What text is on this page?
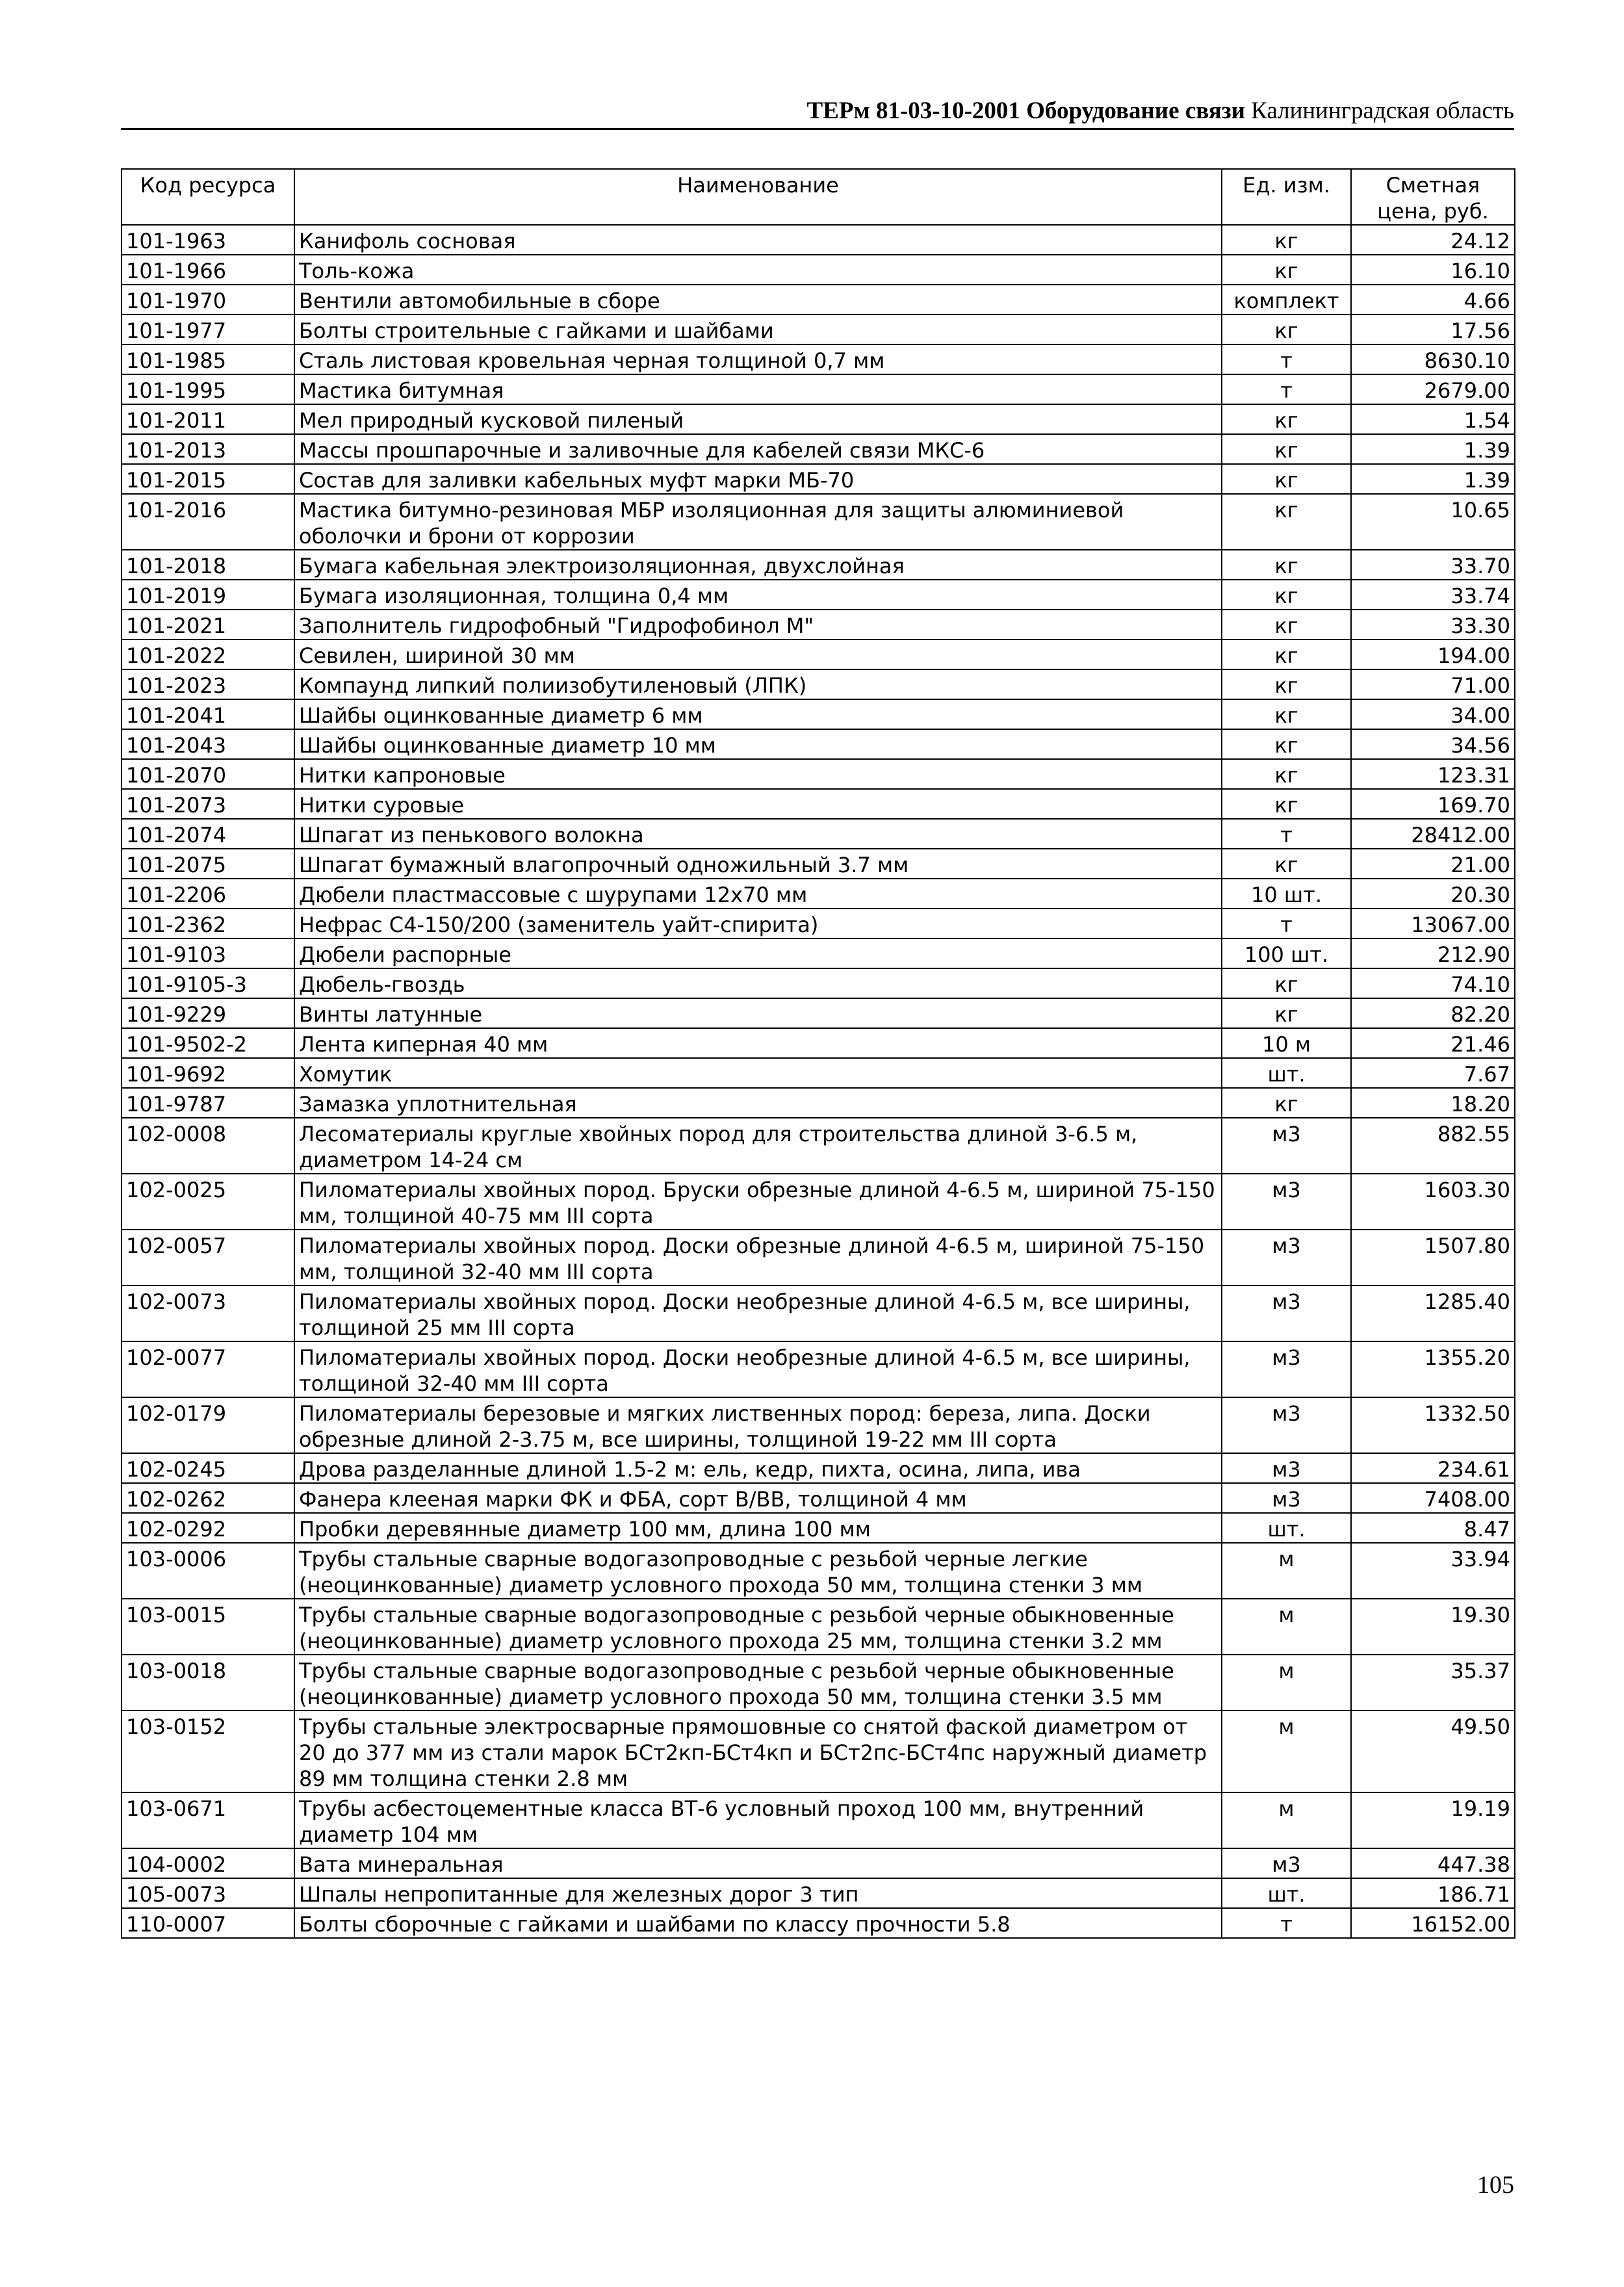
ТЕРм 81-03-10-2001 Оборудование связи Калининградская область
Код ресурса	Наименование	Ед. изм.	Сметная цена, руб.
101-1963	Канифоль сосновая	кг	24.12
101-1966	Толь-кожа	кг	16.10
101-1970	Вентили автомобильные в сборе	комплект	4.66
101-1977	Болты строительные с гайками и шайбами	кг	17.56
101-1985	Сталь листовая кровельная черная толщиной 0,7 мм	т	8630.10
101-1995	Мастика битумная	т	2679.00
101-2011	Мел природный кусковой пиленый	кг	1.54
101-2013	Массы прошпарочные и заливочные для кабелей связи МКС-6	кг	1.39
101-2015	Состав для заливки кабельных муфт марки МБ-70	кг	1.39
101-2016	Мастика битумно-резиновая МБР изоляционная для защиты алюминиевой оболочки и брони от коррозии	кг	10.65
101-2018	Бумага кабельная электроизоляционная, двухслойная	кг	33.70
101-2019	Бумага изоляционная, толщина 0,4 мм	кг	33.74
101-2021	Заполнитель гидрофобный "Гидрофобинол М"	кг	33.30
101-2022	Севилен, шириной 30 мм	кг	194.00
101-2023	Компаунд липкий полиизобутиленовый (ЛПК)	кг	71.00
101-2041	Шайбы оцинкованные диаметр 6 мм	кг	34.00
101-2043	Шайбы оцинкованные диаметр 10 мм	кг	34.56
101-2070	Нитки капроновые	кг	123.31
101-2073	Нитки суровые	кг	169.70
101-2074	Шпагат из пенькового волокна	т	28412.00
101-2075	Шпагат бумажный влагопрочный одножильный 3.7 мм	кг	21.00
101-2206	Дюбели пластмассовые с шурупами 12х70 мм	10 шт.	20.30
101-2362	Нефрас С4-150/200 (заменитель уайт-спирита)	т	13067.00
101-9103	Дюбели распорные	100 шт.	212.90
101-9105-3	Дюбель-гвоздь	кг	74.10
101-9229	Винты латунные	кг	82.20
101-9502-2	Лента киперная 40 мм	10 м	21.46
101-9692	Хомутик	шт.	7.67
101-9787	Замазка уплотнительная	кг	18.20
102-0008	Лесоматериалы круглые хвойных пород для строительства длиной 3-6.5 м, диаметром 14-24 см	м3	882.55
102-0025	Пиломатериалы хвойных пород. Бруски обрезные длиной 4-6.5 м, шириной 75-150 мм, толщиной 40-75 мм III сорта	м3	1603.30
102-0057	Пиломатериалы хвойных пород. Доски обрезные длиной 4-6.5 м, шириной 75-150 мм, толщиной 32-40 мм III сорта	м3	1507.80
102-0073	Пиломатериалы хвойных пород. Доски необрезные длиной 4-6.5 м, все ширины, толщиной 25 мм III сорта	м3	1285.40
102-0077	Пиломатериалы хвойных пород. Доски необрезные длиной 4-6.5 м, все ширины, толщиной 32-40 мм III сорта	м3	1355.20
102-0179	Пиломатериалы березовые и мягких лиственных пород: береза, липа. Доски обрезные длиной 2-3.75 м, все ширины, толщиной 19-22 мм III сорта	м3	1332.50
102-0245	Дрова разделанные длиной 1.5-2 м: ель, кедр, пихта, осина, липа, ива	м3	234.61
102-0262	Фанера клееная марки ФК и ФБА, сорт В/ВВ, толщиной 4 мм	м3	7408.00
102-0292	Пробки деревянные диаметр 100 мм, длина 100 мм	шт.	8.47
103-0006	Трубы стальные сварные водогазопроводные с резьбой черные легкие (неоцинкованные) диаметр условного прохода 50 мм, толщина стенки 3 мм	м	33.94
103-0015	Трубы стальные сварные водогазопроводные с резьбой черные обыкновенные (неоцинкованные) диаметр условного прохода 25 мм, толщина стенки 3.2 мм	м	19.30
103-0018	Трубы стальные сварные водогазопроводные с резьбой черные обыкновенные (неоцинкованные) диаметр условного прохода 50 мм, толщина стенки 3.5 мм	м	35.37
103-0152	Трубы стальные электросварные прямошовные со снятой фаской диаметром от 20 до 377 мм из стали марок БСт2кп-БСт4кп и БСт2пс-БСт4пс наружный диаметр 89 мм толщина стенки 2.8 мм	м	49.50
103-0671	Трубы асбестоцементные класса ВТ-6 условный проход 100 мм, внутренний диаметр 104 мм	м	19.19
104-0002	Вата минеральная	м3	447.38
105-0073	Шпалы непропитанные для железных дорог 3 тип	шт.	186.71
110-0007	Болты сборочные с гайками и шайбами по классу прочности 5.8	т	16152.00
105
